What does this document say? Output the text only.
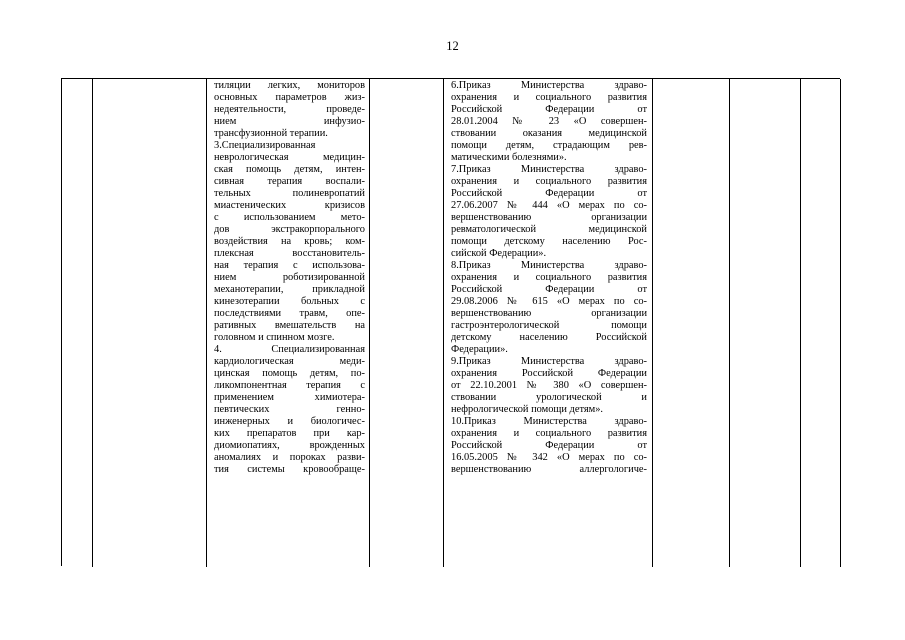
12
тиляции легких, мониторов
основных параметров жиз-
недеятельности, проведе-
нием инфузио-
трансфузионной терапии.
3.Специализированная
неврологическая медицин-
ская помощь детям, интен-
сивная терапия воспали-
тельных полиневропатий
миастенических кризисов
с использованием мето-
дов экстракорпорального
воздействия на кровь; ком-
плексная восстановитель-
ная терапия с использова-
нием роботизированной
механотерапии, прикладной
кинезотерапии больных с
последствиями травм, опе-
ративных вмешательств на
головном и спинном мозге.
4. Специализированная
кардиологическая меди-
цинская помощь детям, по-
ликомпонентная терапия с
применением химиотера-
певтических генно-
инженерных и биологичес-
ких препаратов при кар-
диомиопатиях, врожденных
аномалиях и пороках разви-
тия системы кровообраще-
6.Приказ Министерства здраво-
охранения и социального развития
Российской Федерации от
28.01.2004 № 23 «О совершен-
ствовании оказания медицинской
помощи детям, страдающим рев-
матическими болезнями».
7.Приказ Министерства здраво-
охранения и социального развития
Российской Федерации от
27.06.2007 № 444 «О мерах по со-
вершенствованию организации
ревматологической медицинской
помощи детскому населению Рос-
сийской Федерации».
8.Приказ Министерства здраво-
охранения и социального развития
Российской Федерации от
29.08.2006 № 615 «О мерах по со-
вершенствованию организации
гастроэнтерологической помощи
детскому населению Российской
Федерации».
9.Приказ Министерства здраво-
охранения Российской Федерации
от 22.10.2001 № 380 «О совершен-
ствовании урологической и
нефрологической помощи детям».
10.Приказ Министерства здраво-
охранения и социального развития
Российской Федерации от
16.05.2005 № 342 «О мерах по со-
вершенствованию аллергологиче-
